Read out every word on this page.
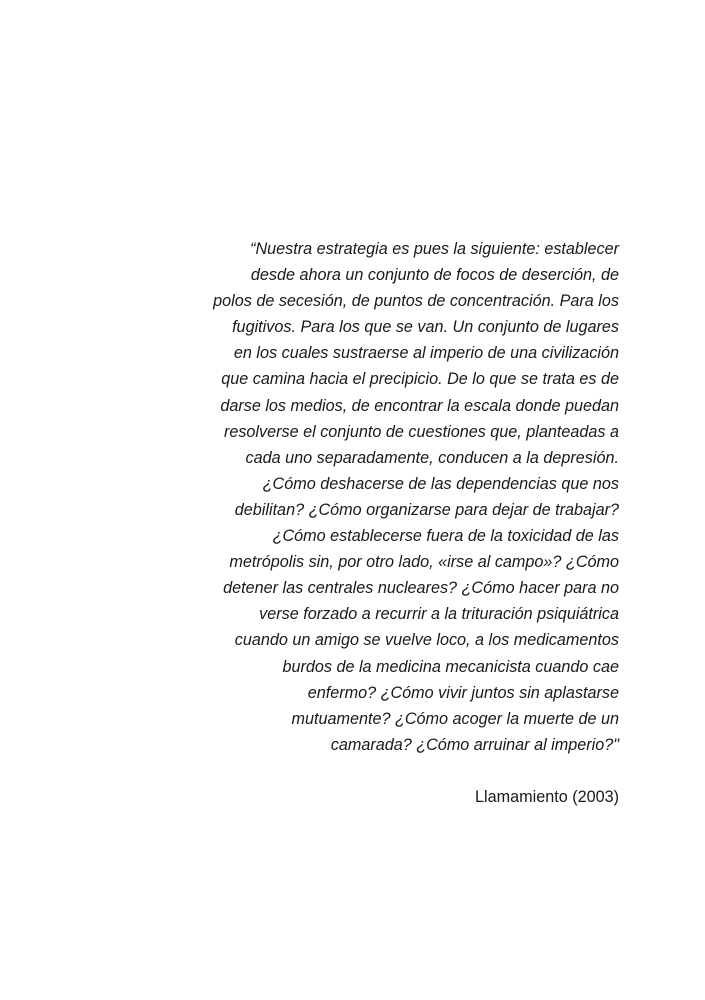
“Nuestra estrategia es pues la siguiente: establecer
desde ahora un conjunto de focos de deserción, de
polos de secesión, de puntos de concentración. Para los
fugitivos. Para los que se van. Un conjunto de lugares
en los cuales sustraerse al imperio de una civilización
que camina hacia el precipicio. De lo que se trata es de
darse los medios, de encontrar la escala donde puedan
resolverse el conjunto de cuestiones que, planteadas a
cada uno separadamente, conducen a la depresión.
¿Cómo deshacerse de las dependencias que nos
debilitan? ¿Cómo organizarse para dejar de trabajar?
¿Cómo establecerse fuera de la toxicidad de las
metrópolis sin, por otro lado, «irse al campo»? ¿Cómo
detener las centrales nucleares? ¿Cómo hacer para no
verse forzado a recurrir a la trituración psiquiátrica
cuando un amigo se vuelve loco, a los medicamentos
burdos de la medicina mecanicista cuando cae
enfermo? ¿Cómo vivir juntos sin aplastarse
mutuamente? ¿Cómo acoger la muerte de un
camarada? ¿Cómo arruinar al imperio?"
Llamamiento (2003)
